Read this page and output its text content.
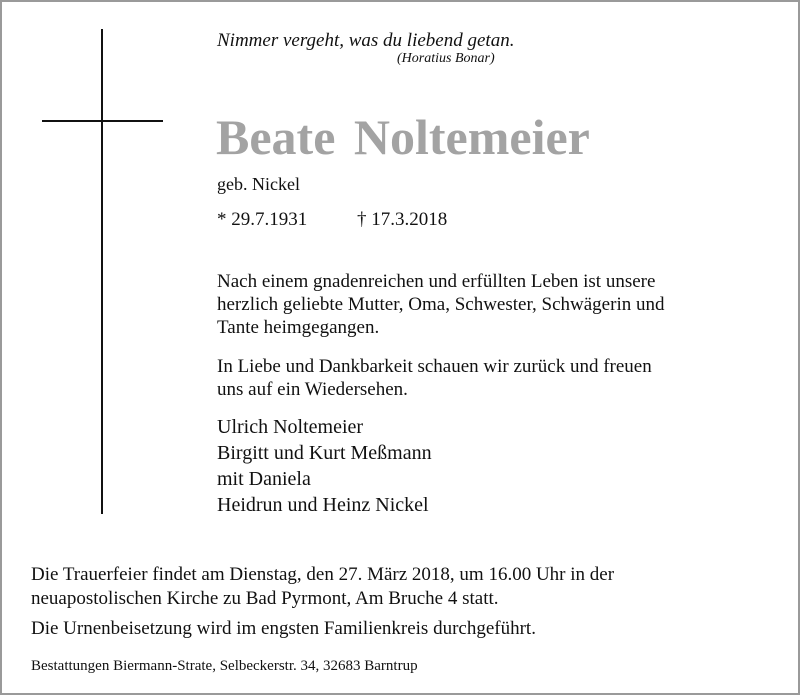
Nimmer vergeht, was du liebend getan.
(Horatius Bonar)
Beate Noltemeier
geb. Nickel
* 29.7.1931	† 17.3.2018
Nach einem gnadenreichen und erfüllten Leben ist unsere
herzlich geliebte Mutter, Oma, Schwester, Schwägerin und
Tante heimgegangen.
In Liebe und Dankbarkeit schauen wir zurück und freuen
uns auf ein Wiedersehen.
Ulrich Noltemeier
Birgitt und Kurt Meßmann
mit Daniela
Heidrun und Heinz Nickel
Die Trauerfeier findet am Dienstag, den 27. März 2018, um 16.00 Uhr in der
neuapostolischen Kirche zu Bad Pyrmont, Am Bruche 4 statt.
Die Urnenbeisetzung wird im engsten Familienkreis durchgeführt.
Bestattungen Biermann-Strate, Selbeckerstr. 34, 32683 Barntrup
